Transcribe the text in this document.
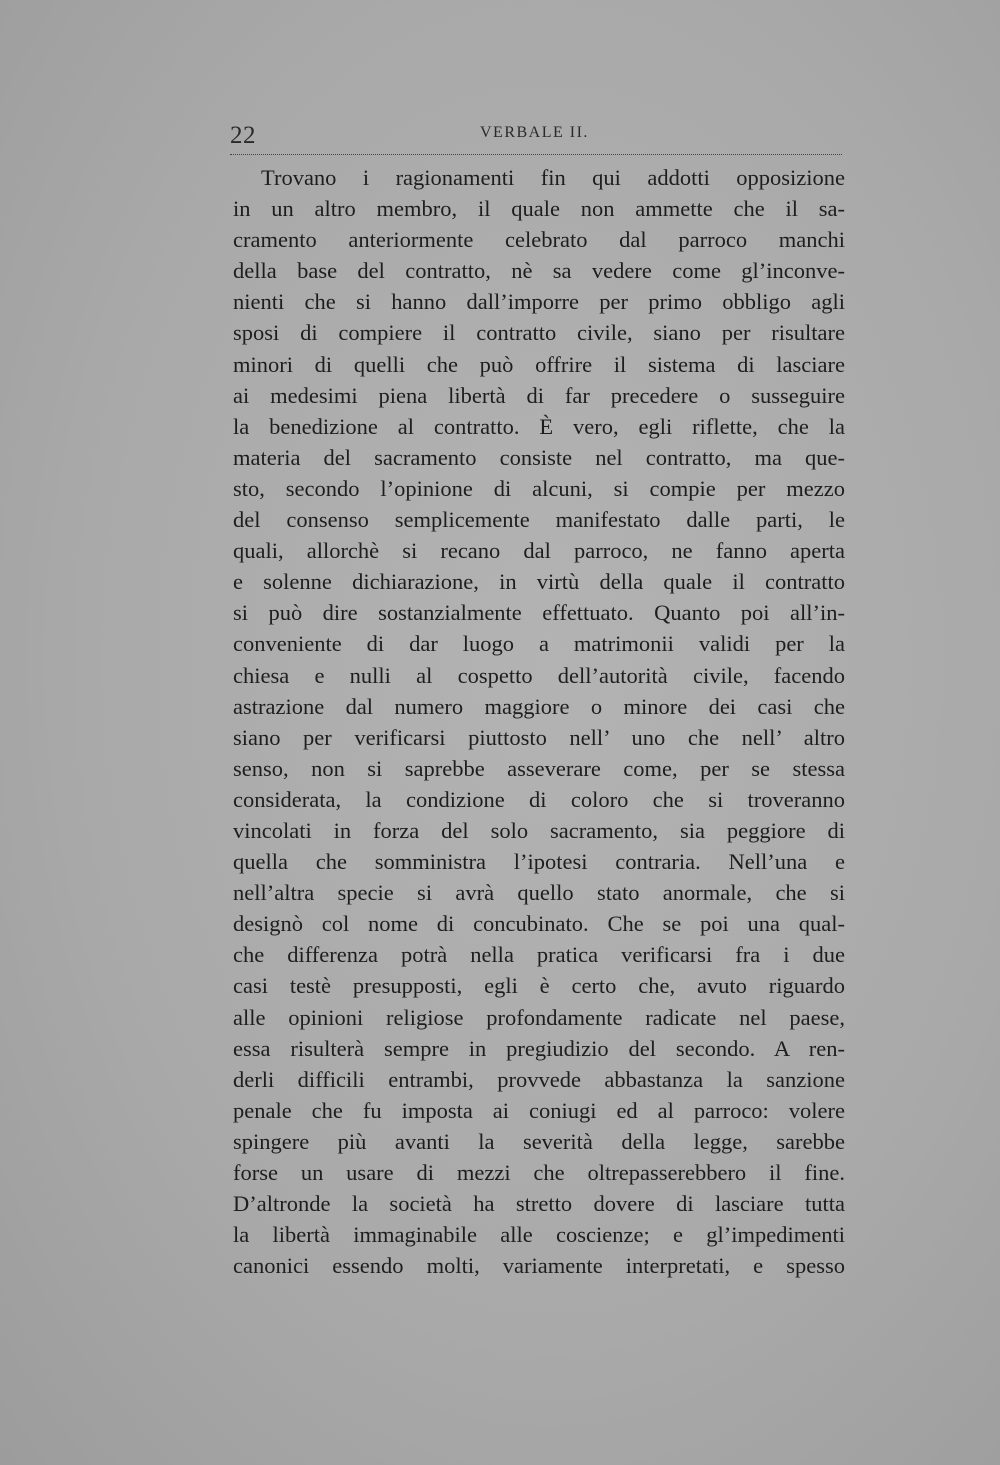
22	VERBALE II.
Trovano i ragionamenti fin qui addotti opposizione
in un altro membro, il quale non ammette che il sa-
cramento anteriormente celebrato dal parroco manchi
della base del contratto, nè sa vedere come gl’inconve-
nienti che si hanno dall’imporre per primo obbligo agli
sposi di compiere il contratto civile, siano per risultare
minori di quelli che può offrire il sistema di lasciare
ai medesimi piena libertà di far precedere o susseguire
la benedizione al contratto. È vero, egli riflette, che la
materia del sacramento consiste nel contratto, ma que-
sto, secondo l’opinione di alcuni, si compie per mezzo
del consenso semplicemente manifestato dalle parti, le
quali, allorchè si recano dal parroco, ne fanno aperta
e solenne dichiarazione, in virtù della quale il contratto
si può dire sostanzialmente effettuato. Quanto poi all’in-
conveniente di dar luogo a matrimonii validi per la
chiesa e nulli al cospetto dell’autorità civile, facendo
astrazione dal numero maggiore o minore dei casi che
siano per verificarsi piuttosto nell’ uno che nell’ altro
senso, non si saprebbe asseverare come, per se stessa
considerata, la condizione di coloro che si troveranno
vincolati in forza del solo sacramento, sia peggiore di
quella che somministra l’ipotesi contraria. Nell’una e
nell’altra specie si avrà quello stato anormale, che si
designò col nome di concubinato. Che se poi una qual-
che differenza potrà nella pratica verificarsi fra i due
casi testè presupposti, egli è certo che, avuto riguardo
alle opinioni religiose profondamente radicate nel paese,
essa risulterà sempre in pregiudizio del secondo. A ren-
derli difficili entrambi, provvede abbastanza la sanzione
penale che fu imposta ai coniugi ed al parroco: volere
spingere più avanti la severità della legge, sarebbe
forse un usare di mezzi che oltrepasserebbero il fine.
D’altronde la società ha stretto dovere di lasciare tutta
la libertà immaginabile alle coscienze; e gl’impedimenti
canonici essendo molti, variamente interpretati, e spesso
